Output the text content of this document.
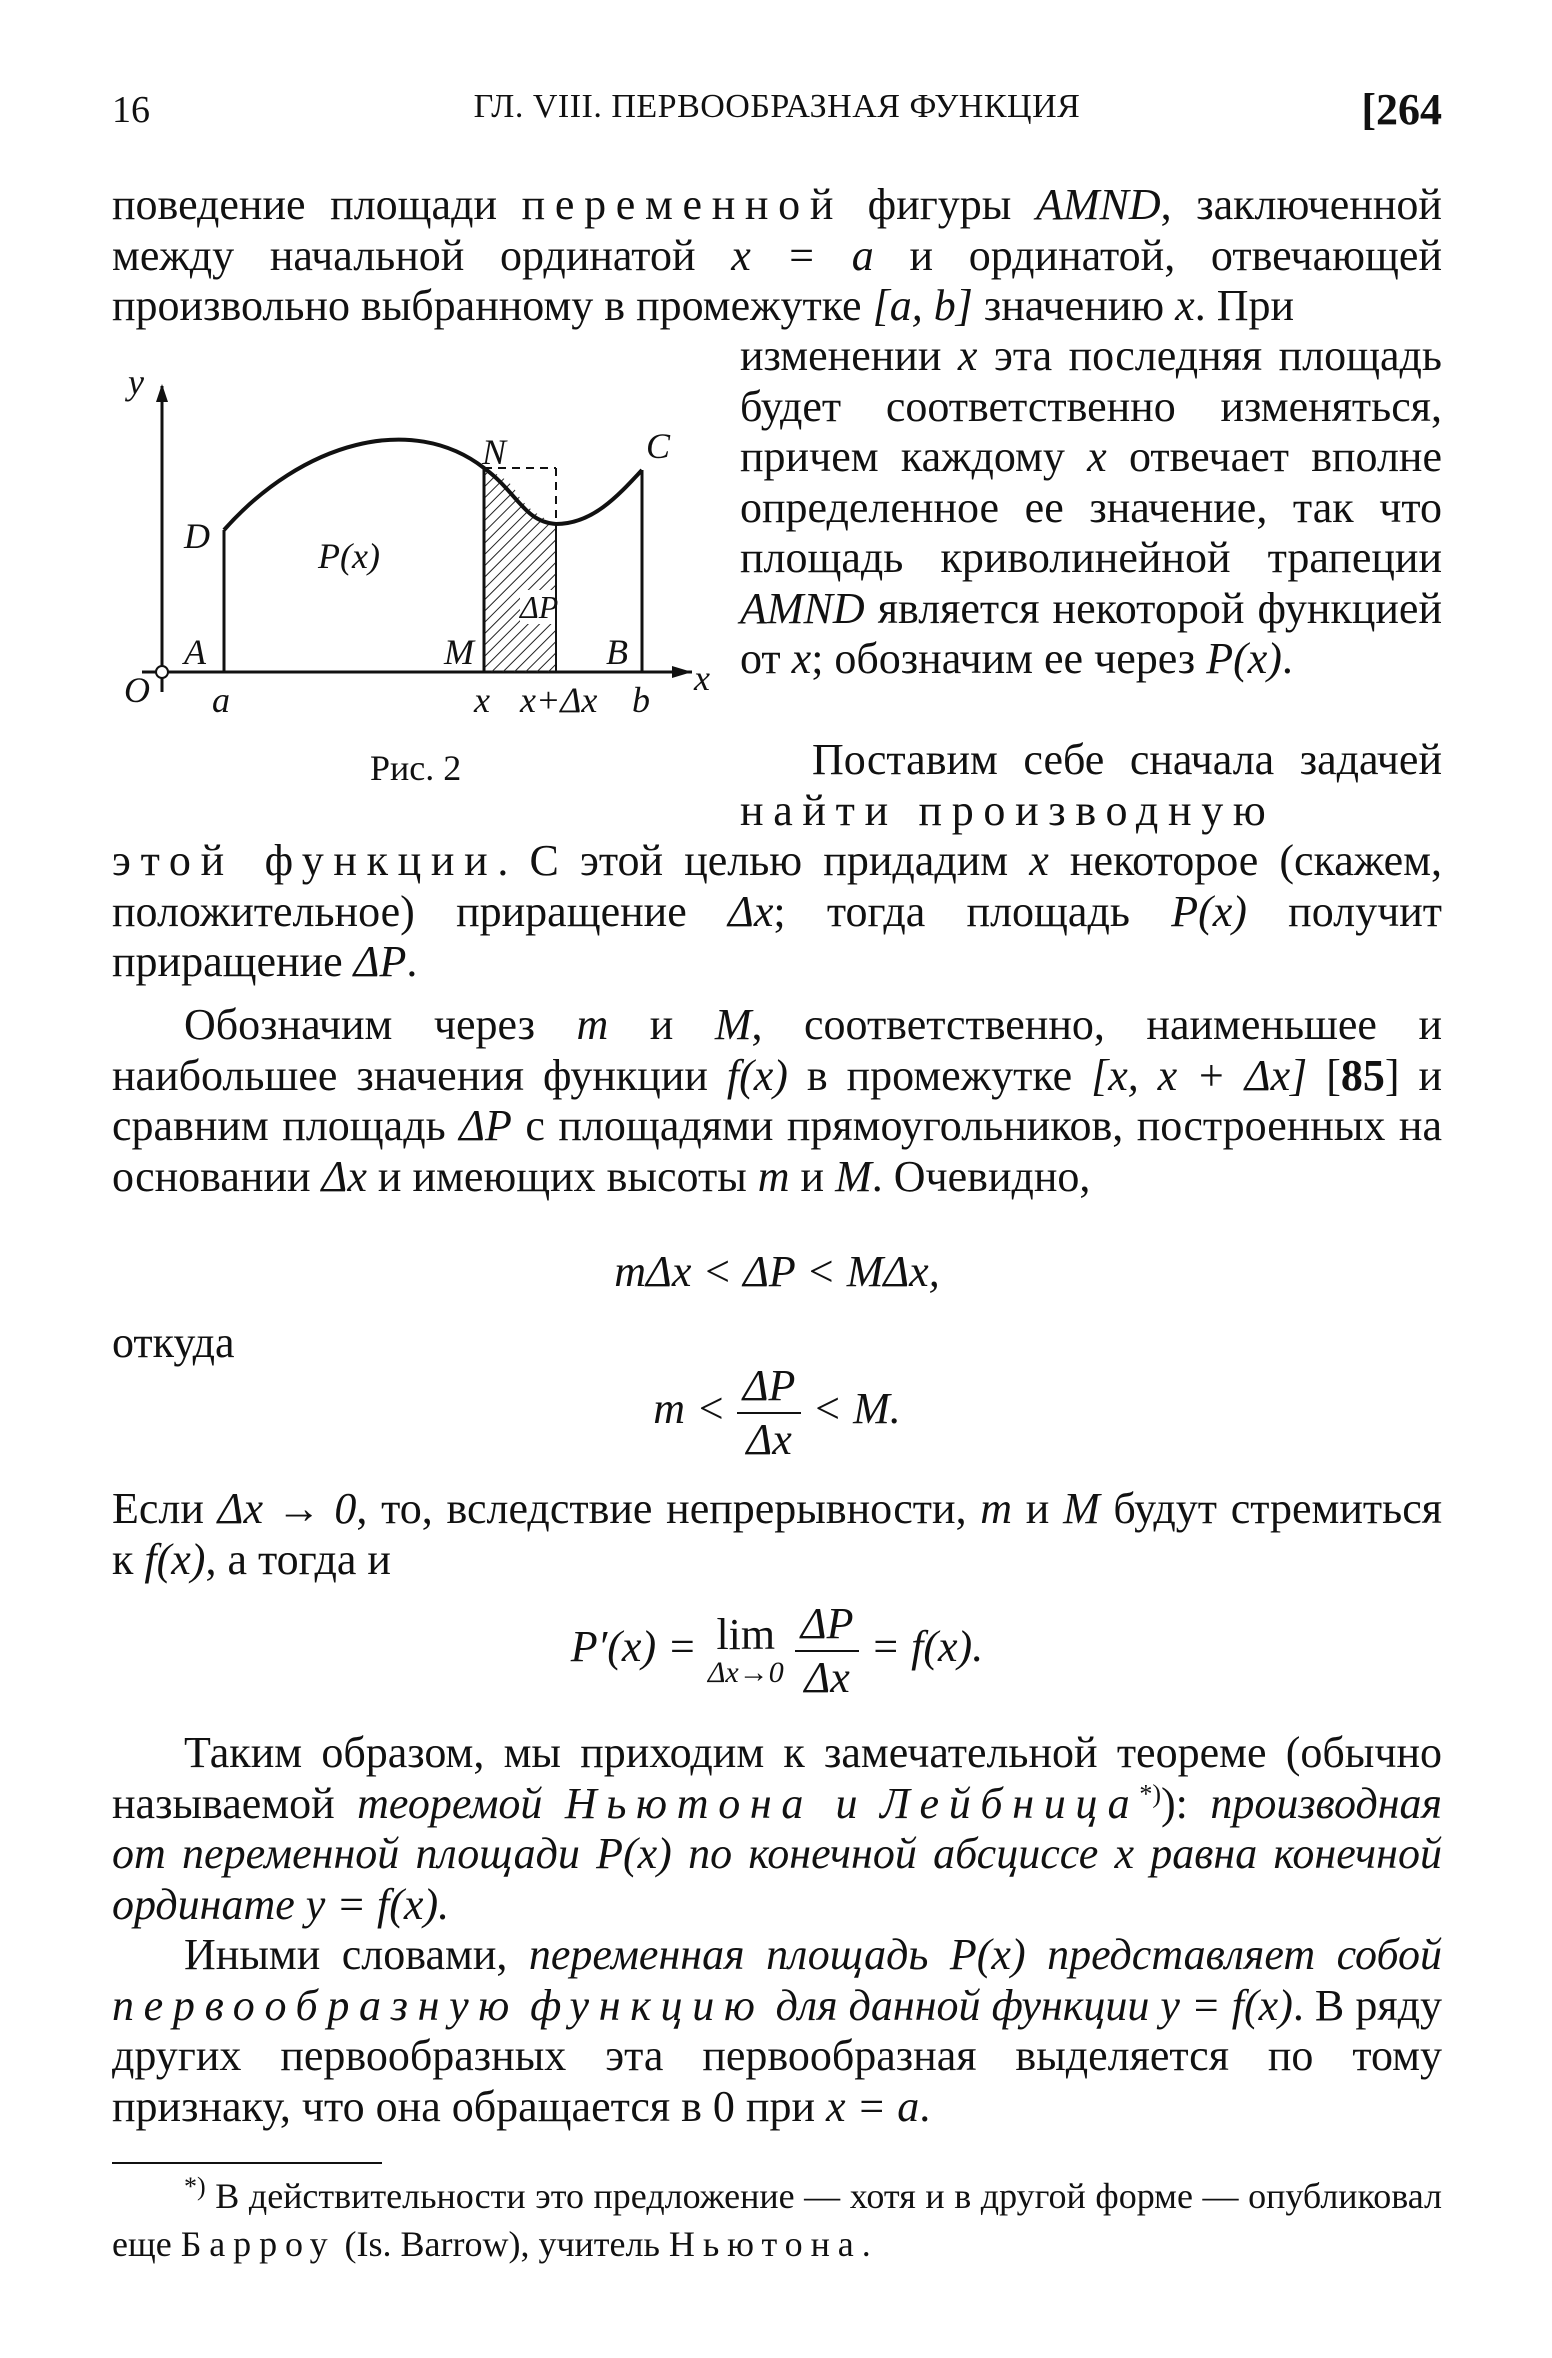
16	ГЛ. VIII. ПЕРВООБРАЗНАЯ ФУНКЦИЯ	[264

поведение площади переменной фигуры AMND, заключенной между начальной ординатой x = a и ординатой, отвечающей произвольно выбранному в промежутке [a, b] значению x. При

изменении x эта последняя площадь будет соответственно изменяться, причем каждому x отвечает вполне определенное ее значение, так что площадь криволинейной трапеции AMND является некоторой функцией от x; обозначим ее через P(x).

y
x
O
D
N	C
A	M	B
P(x)
ΔP
a	x x+Δx b
Рис. 2	Поставим себе сначала задачей найти производную

этой функции. С этой целью придадим x некоторое (скажем, положительное) приращение Δx; тогда площадь P(x) получит приращение ΔP.

Обозначим через m и M, соответственно, наименьшее и наибольшее значения функции f(x) в промежутке [x, x + Δx] [85] и сравним площадь ΔP с площадями прямоугольников, построенных на основании Δx и имеющих высоты m и M. Очевидно,

mΔx < ΔP < MΔx,

откуда

$m < \frac{\Delta P}{\Delta x} < M$.

Если Δx → 0, то, вследствие непрерывности, m и M будут стремиться к f(x), а тогда и

P′(x) = lim
Δx→0
$\frac{\Delta P}{\Delta x} = f(x)$.

Таким образом, мы приходим к замечательной теореме (обычно называемой теоремой Ньютона и Лейбница*)): производная от переменной площади P(x) по конечной абсциссе x равна конечной ординате y = f(x).

Иными словами, переменная площадь P(x) представляет собой первообразную функцию для данной функции y = f(x). В ряду других первообразных эта первообразная выделяется по тому признаку, что она обращается в 0 при x = a.

*) В действительности это предложение — хотя и в другой форме — опубликовал еще Барроу (Is. Barrow), учитель Ньютона.
